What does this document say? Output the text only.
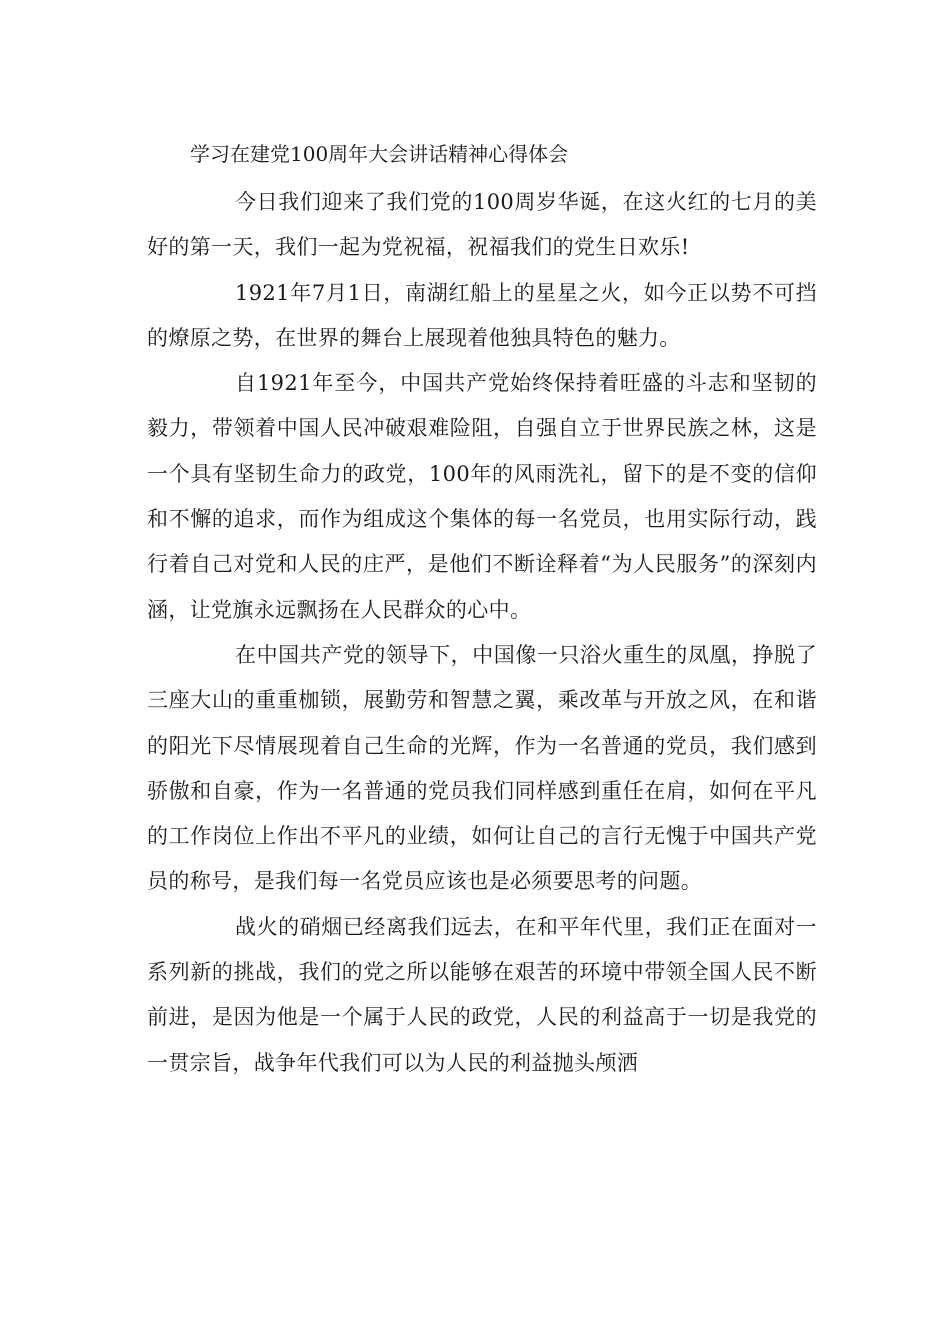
学习在建党100周年大会讲话精神心得体会

今日我们迎来了我们党的100周岁华诞，在这火红的七月的美好的第一天，我们一起为党祝福，祝福我们的党生日欢乐!

1921年7月1日，南湖红船上的星星之火，如今正以势不可挡的燎原之势，在世界的舞台上展现着他独具特色的魅力。

自1921年至今，中国共产党始终保持着旺盛的斗志和坚韧的毅力，带领着中国人民冲破艰难险阻，自强自立于世界民族之林，这是一个具有坚韧生命力的政党，100年的风雨洗礼，留下的是不变的信仰和不懈的追求，而作为组成这个集体的每一名党员，也用实际行动，践行着自己对党和人民的庄严，是他们不断诠释着“为人民服务”的深刻内涵，让党旗永远飘扬在人民群众的心中。

在中国共产党的领导下，中国像一只浴火重生的凤凰，挣脱了三座大山的重重枷锁，展勤劳和智慧之翼，乘改革与开放之风，在和谐的阳光下尽情展现着自己生命的光辉，作为一名普通的党员，我们感到骄傲和自豪，作为一名普通的党员我们同样感到重任在肩，如何在平凡的工作岗位上作出不平凡的业绩，如何让自己的言行无愧于中国共产党员的称号，是我们每一名党员应该也是必须要思考的问题。

战火的硝烟已经离我们远去，在和平年代里，我们正在面对一系列新的挑战，我们的党之所以能够在艰苦的环境中带领全国人民不断前进，是因为他是一个属于人民的政党，人民的利益高于一切是我党的一贯宗旨，战争年代我们可以为人民的利益抛头颅洒
